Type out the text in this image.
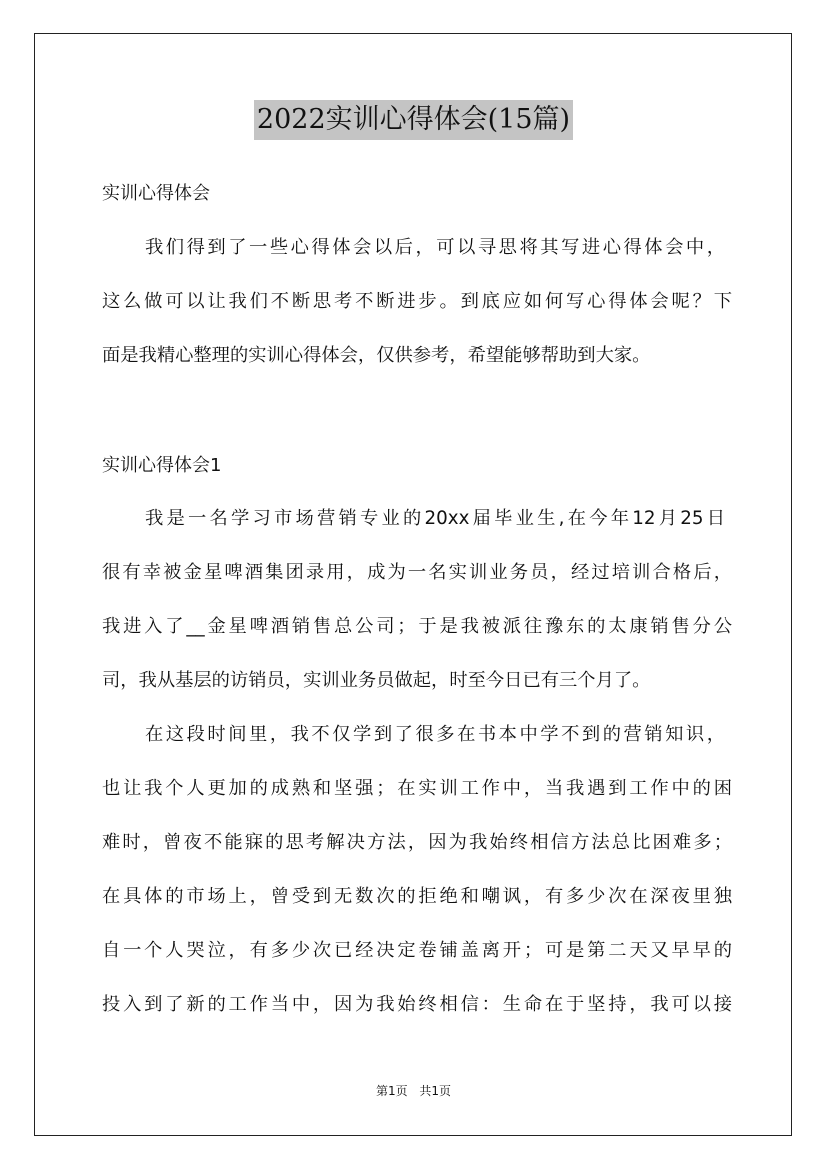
2022实训心得体会(15篇)
实训心得体会
我们得到了一些心得体会以后，可以寻思将其写进心得体会中，
这么做可以让我们不断思考不断进步。到底应如何写心得体会呢？下
面是我精心整理的实训心得体会，仅供参考，希望能够帮助到大家。
实训心得体会1
我是一名学习市场营销专业的20xx届毕业生,在今年12月25日
很有幸被金星啤酒集团录用，成为一名实训业务员，经过培训合格后，
我进入了__金星啤酒销售总公司；于是我被派往豫东的太康销售分公
司，我从基层的访销员，实训业务员做起，时至今日已有三个月了。
在这段时间里，我不仅学到了很多在书本中学不到的营销知识，
也让我个人更加的成熟和坚强；在实训工作中，当我遇到工作中的困
难时，曾夜不能寐的思考解决方法，因为我始终相信方法总比困难多；
在具体的市场上，曾受到无数次的拒绝和嘲讽，有多少次在深夜里独
自一个人哭泣，有多少次已经决定卷铺盖离开；可是第二天又早早的
投入到了新的工作当中，因为我始终相信：生命在于坚持，我可以接
第1页 共1页
